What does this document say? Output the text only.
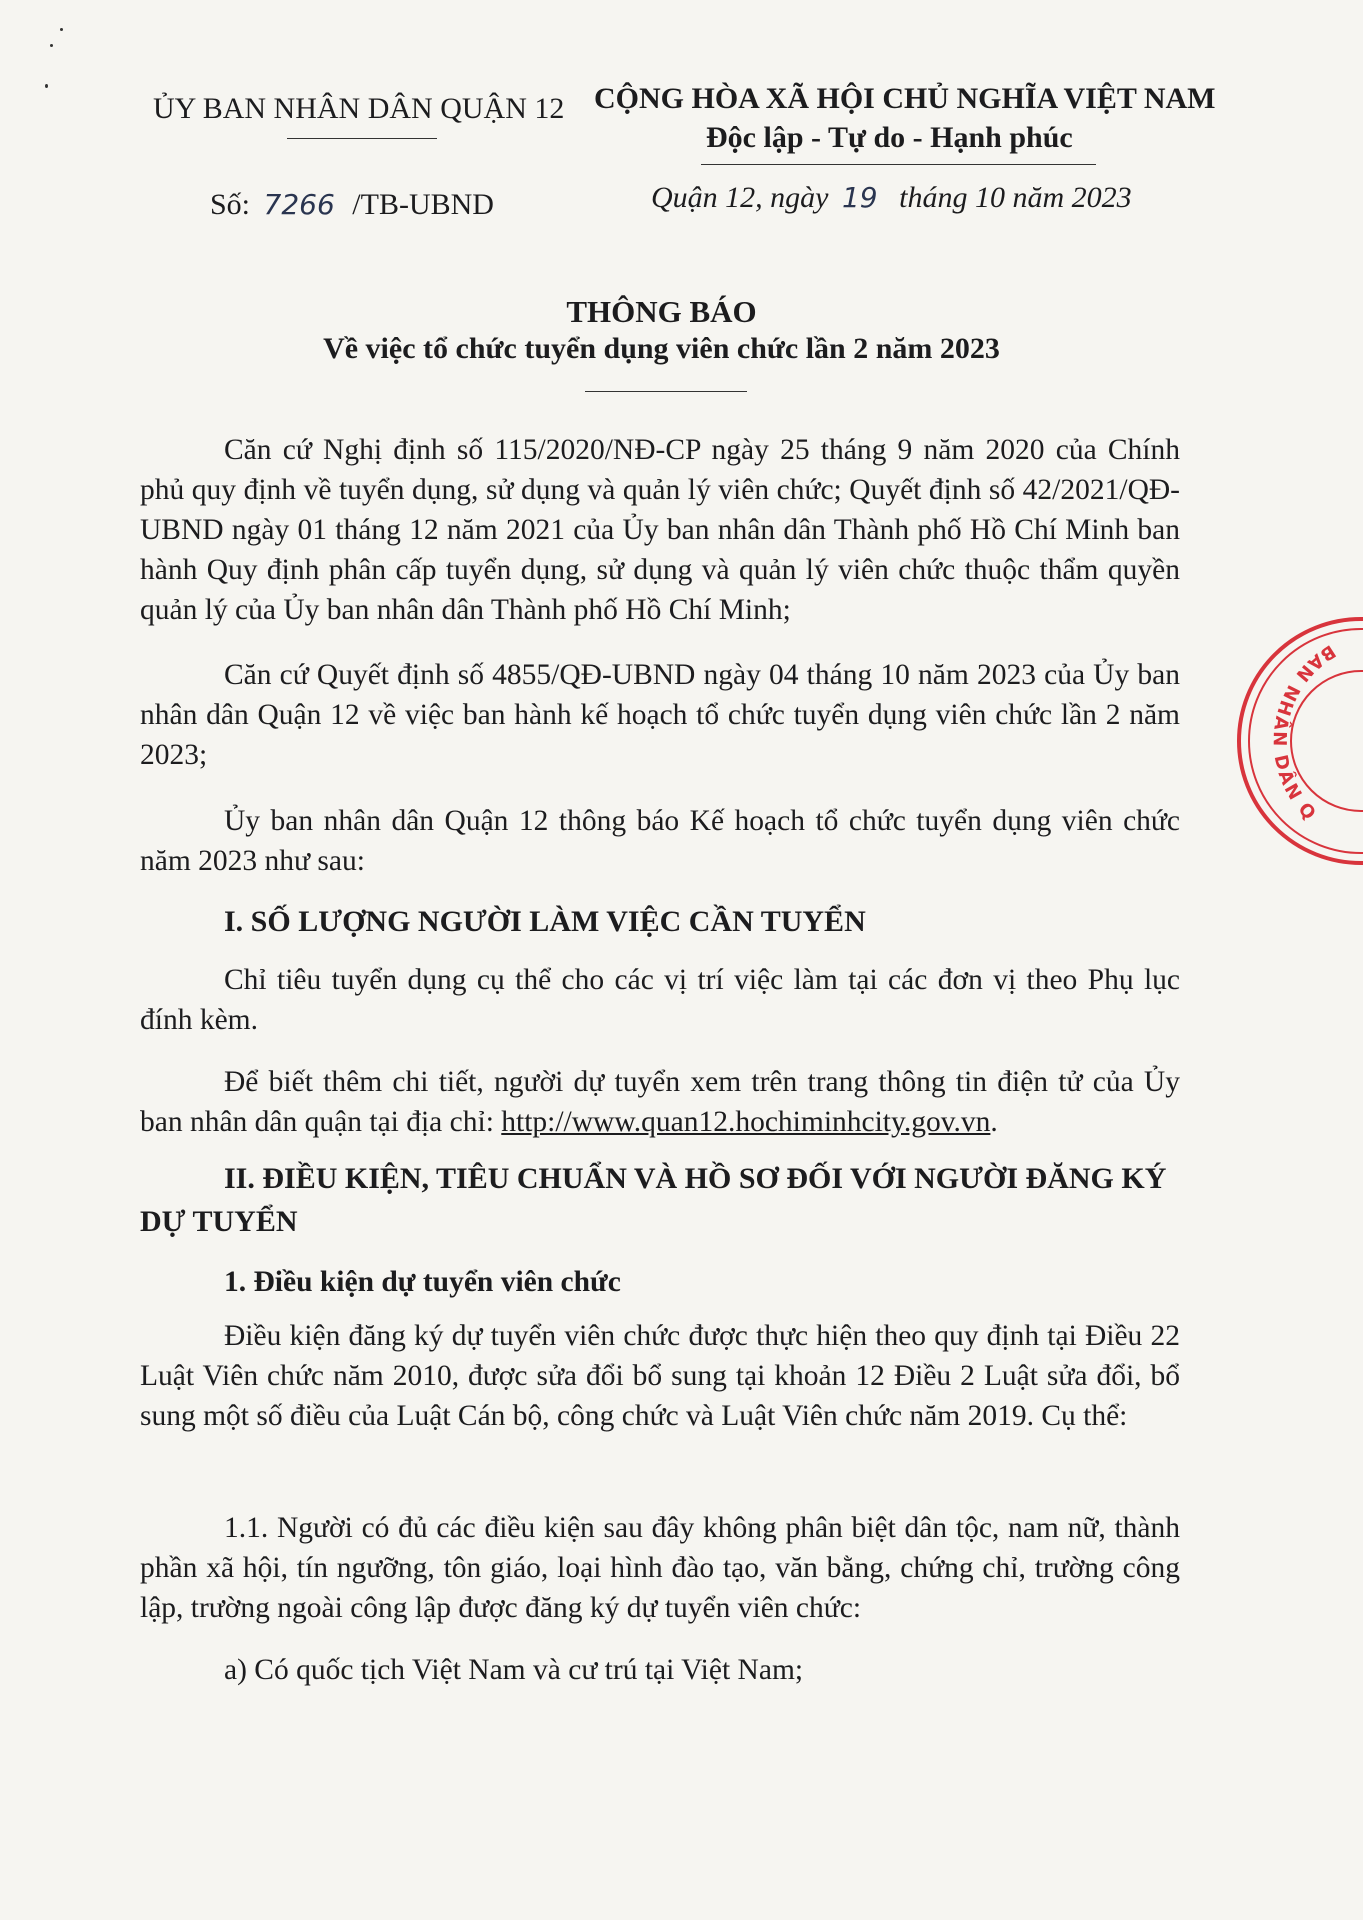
ỦY BAN NHÂN DÂN QUẬN 12 CỘNG HÒA XÃ HỘI CHỦ NGHĨA VIỆT NAM
Độc lập - Tự do - Hạnh phúc
Số: 7266 /TB-UBND	Quận 12, ngày 19 tháng 10 năm 2023
THÔNG BÁO
Về việc tổ chức tuyển dụng viên chức lần 2 năm 2023
Căn cứ Nghị định số 115/2020/NĐ-CP ngày 25 tháng 9 năm 2020 của Chính phủ quy định về tuyển dụng, sử dụng và quản lý viên chức; Quyết định số 42/2021/QĐ-UBND ngày 01 tháng 12 năm 2021 của Ủy ban nhân dân Thành phố Hồ Chí Minh ban hành Quy định phân cấp tuyển dụng, sử dụng và quản lý viên chức thuộc thẩm quyền quản lý của Ủy ban nhân dân Thành phố Hồ Chí Minh;
Căn cứ Quyết định số 4855/QĐ-UBND ngày 04 tháng 10 năm 2023 của Ủy ban nhân dân Quận 12 về việc ban hành kế hoạch tổ chức tuyển dụng viên chức lần 2 năm 2023;
Ủy ban nhân dân Quận 12 thông báo Kế hoạch tổ chức tuyển dụng viên chức năm 2023 như sau:
I. SỐ LƯỢNG NGƯỜI LÀM VIỆC CẦN TUYỂN
Chỉ tiêu tuyển dụng cụ thể cho các vị trí việc làm tại các đơn vị theo Phụ lục đính kèm.
Để biết thêm chi tiết, người dự tuyển xem trên trang thông tin điện tử của Ủy ban nhân dân quận tại địa chỉ: http://www.quan12.hochiminhcity.gov.vn.
II. ĐIỀU KIỆN, TIÊU CHUẨN VÀ HỒ SƠ ĐỐI VỚI NGƯỜI ĐĂNG KÝ DỰ TUYỂN
1. Điều kiện dự tuyển viên chức
Điều kiện đăng ký dự tuyển viên chức được thực hiện theo quy định tại Điều 22 Luật Viên chức năm 2010, được sửa đổi bổ sung tại khoản 12 Điều 2 Luật sửa đổi, bổ sung một số điều của Luật Cán bộ, công chức và Luật Viên chức năm 2019. Cụ thể:
1.1. Người có đủ các điều kiện sau đây không phân biệt dân tộc, nam nữ, thành phần xã hội, tín ngưỡng, tôn giáo, loại hình đào tạo, văn bằng, chứng chỉ, trường công lập, trường ngoài công lập được đăng ký dự tuyển viên chức:
a) Có quốc tịch Việt Nam và cư trú tại Việt Nam;
BAN NHÂN DÂN Q
